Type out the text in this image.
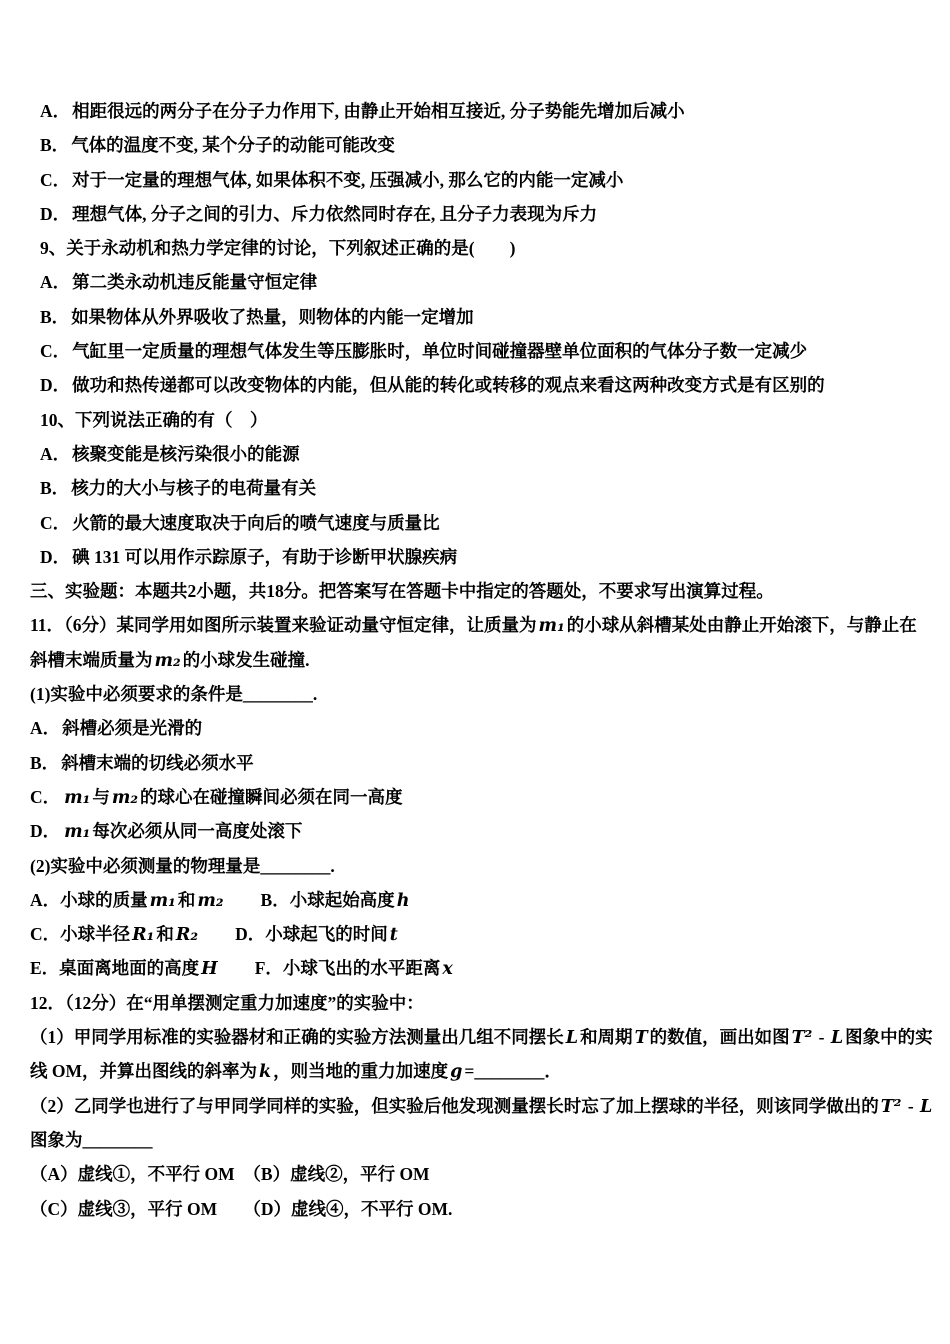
A． 相距很远的两分子在分子力作用下, 由静止开始相互接近, 分子势能先增加后减小

B． 气体的温度不变, 某个分子的动能可能改变

C． 对于一定量的理想气体, 如果体积不变, 压强减小, 那么它的内能一定减小

D． 理想气体, 分子之间的引力、斥力依然同时存在, 且分子力表现为斥力

9、关于永动机和热力学定律的讨论，下列叙述正确的是(　　)

A． 第二类永动机违反能量守恒定律

B． 如果物体从外界吸收了热量，则物体的内能一定增加

C． 气缸里一定质量的理想气体发生等压膨胀时，单位时间碰撞器壁单位面积的气体分子数一定减少

D． 做功和热传递都可以改变物体的内能，但从能的转化或转移的观点来看这两种改变方式是有区别的

10、下列说法正确的有（　）

A． 核聚变能是核污染很小的能源

B． 核力的大小与核子的电荷量有关

C． 火箭的最大速度取决于向后的喷气速度与质量比

D． 碘 131 可以用作示踪原子，有助于诊断甲状腺疾病

三、实验题：本题共2小题，共18分。把答案写在答题卡中指定的答题处，不要求写出演算过程。

11．（6分）某同学用如图所示装置来验证动量守恒定律，让质量为 m₁ 的小球从斜槽某处由静止开始滚下，与静止在

斜槽末端质量为 m₂ 的小球发生碰撞.

(1)实验中必须要求的条件是________.

A． 斜槽必须是光滑的

B． 斜槽末端的切线必须水平

C． m₁ 与 m₂ 的球心在碰撞瞬间必须在同一高度

D． m₁ 每次必须从同一高度处滚下

(2)实验中必须测量的物理量是________.

A．小球的质量 m₁ 和 m₂　　B．小球起始高度 h

C．小球半径 R₁ 和 R₂　　D．小球起飞的时间 t

E．桌面离地面的高度 H　　F．小球飞出的水平距离 x

12．（12分）在“用单摆测定重力加速度”的实验中：

（1）甲同学用标准的实验器材和正确的实验方法测量出几组不同摆长 L 和周期 T 的数值，画出如图 T² - L 图象中的实

线 OM，并算出图线的斜率为 k ，则当地的重力加速度 g =________．

（2）乙同学也进行了与甲同学同样的实验，但实验后他发现测量摆长时忘了加上摆球的半径，则该同学做出的 T² - L

图象为________

（A）虚线①，不平行 OM　（B）虚线②，平行 OM

（C）虚线③，平行 OM　　（D）虚线④，不平行 OM.
